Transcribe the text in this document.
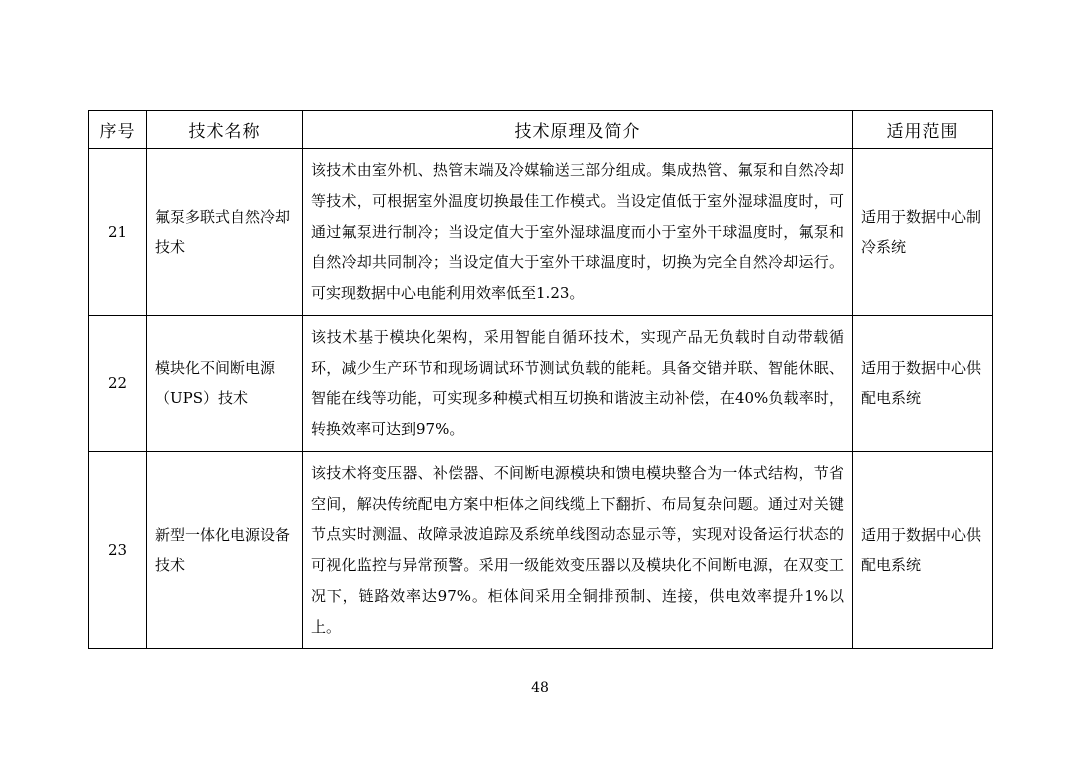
序号	技术名称	技术原理及简介	适用范围
21	氟泵多联式自然冷却技术	该技术由室外机、热管末端及冷媒输送三部分组成。集成热管、氟泵和自然冷却等技术，可根据室外温度切换最佳工作模式。当设定值低于室外湿球温度时，可通过氟泵进行制冷；当设定值大于室外湿球温度而小于室外干球温度时，氟泵和自然冷却共同制冷；当设定值大于室外干球温度时，切换为完全自然冷却运行。可实现数据中心电能利用效率低至1.23。	适用于数据中心制冷系统
22	模块化不间断电源（UPS）技术	该技术基于模块化架构，采用智能自循环技术，实现产品无负载时自动带载循环，减少生产环节和现场调试环节测试负载的能耗。具备交错并联、智能休眠、智能在线等功能，可实现多种模式相互切换和谐波主动补偿，在40%负载率时，转换效率可达到97%。	适用于数据中心供配电系统
23	新型一体化电源设备技术	该技术将变压器、补偿器、不间断电源模块和馈电模块整合为一体式结构，节省空间，解决传统配电方案中柜体之间线缆上下翻折、布局复杂问题。通过对关键节点实时测温、故障录波追踪及系统单线图动态显示等，实现对设备运行状态的可视化监控与异常预警。采用一级能效变压器以及模块化不间断电源，在双变工况下，链路效率达97%。柜体间采用全铜排预制、连接，供电效率提升1%以上。	适用于数据中心供配电系统
48
